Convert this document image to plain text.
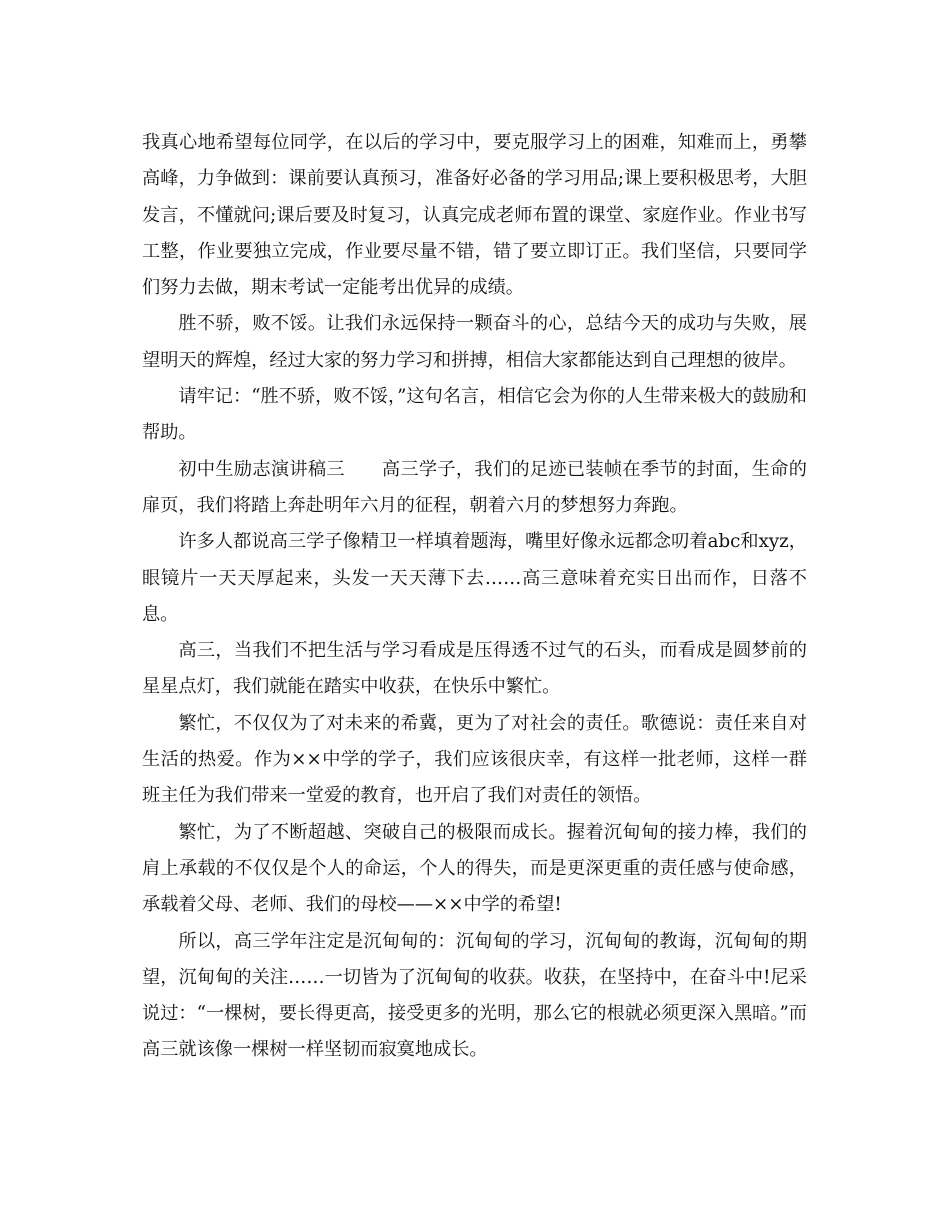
我真心地希望每位同学，在以后的学习中，要克服学习上的困难，知难而上，勇攀高峰，力争做到：课前要认真预习，准备好必备的学习用品;课上要积极思考，大胆发言，不懂就问;课后要及时复习，认真完成老师布置的课堂、家庭作业。作业书写工整，作业要独立完成，作业要尽量不错，错了要立即订正。我们坚信，只要同学们努力去做，期末考试一定能考出优异的成绩。

胜不骄，败不馁。让我们永远保持一颗奋斗的心，总结今天的成功与失败，展望明天的辉煌，经过大家的努力学习和拼搏，相信大家都能达到自己理想的彼岸。

请牢记：“胜不骄，败不馁，”这句名言，相信它会为你的人生带来极大的鼓励和帮助。

初中生励志演讲稿三　　高三学子，我们的足迹已装帧在季节的封面，生命的扉页，我们将踏上奔赴明年六月的征程，朝着六月的梦想努力奔跑。

许多人都说高三学子像精卫一样填着题海，嘴里好像永远都念叨着abc和xyz，眼镜片一天天厚起来，头发一天天薄下去……高三意味着充实日出而作，日落不息。

高三，当我们不把生活与学习看成是压得透不过气的石头，而看成是圆梦前的星星点灯，我们就能在踏实中收获，在快乐中繁忙。

繁忙，不仅仅为了对未来的希冀，更为了对社会的责任。歌德说：责任来自对生活的热爱。作为××中学的学子，我们应该很庆幸，有这样一批老师，这样一群班主任为我们带来一堂爱的教育，也开启了我们对责任的领悟。

繁忙，为了不断超越、突破自己的极限而成长。握着沉甸甸的接力棒，我们的肩上承载的不仅仅是个人的命运，个人的得失，而是更深更重的责任感与使命感，承载着父母、老师、我们的母校——××中学的希望!

所以，高三学年注定是沉甸甸的：沉甸甸的学习，沉甸甸的教诲，沉甸甸的期望，沉甸甸的关注……一切皆为了沉甸甸的收获。收获，在坚持中，在奋斗中!尼采说过：“一棵树，要长得更高，接受更多的光明，那么它的根就必须更深入黑暗。”而高三就该像一棵树一样坚韧而寂寞地成长。
